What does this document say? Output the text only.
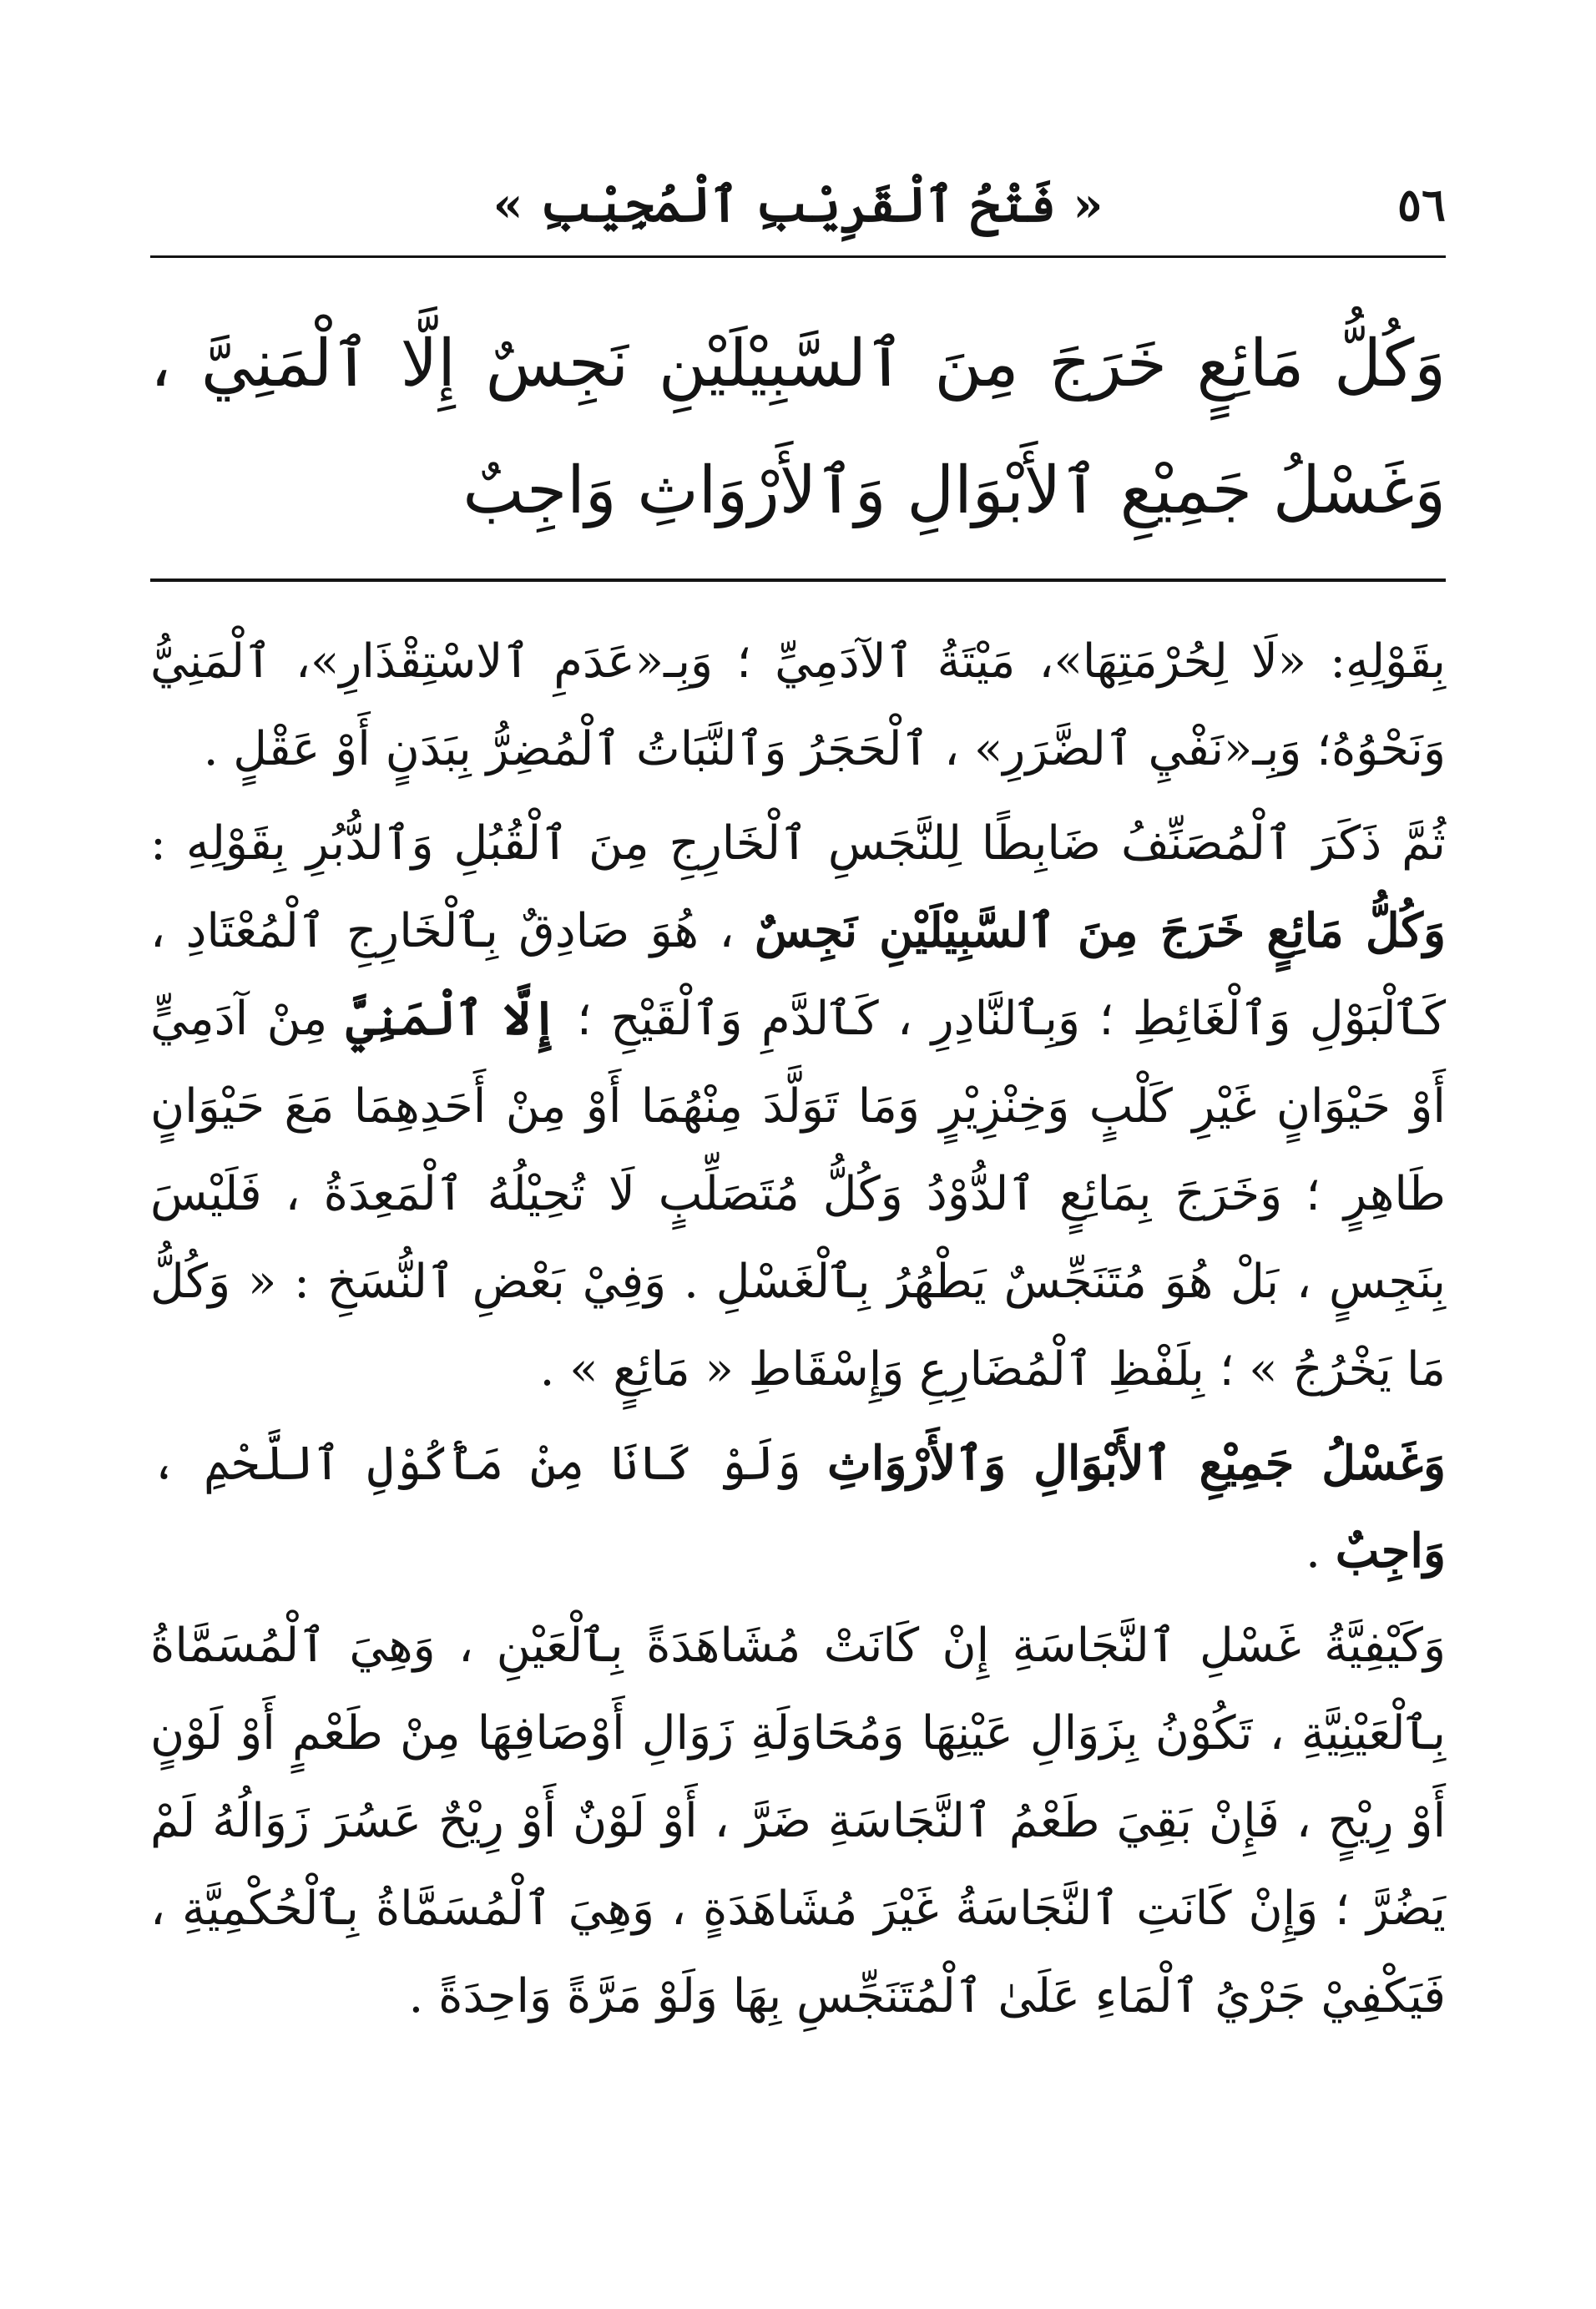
« فَتْحُ ٱلْقَرِيْبِ ٱلْمُجِيْبِ »	٥٦
وَكُلُّ مَائِعٍ خَرَجَ مِنَ ٱلسَّبِيْلَيْنِ نَجِسٌ إِلَّا ٱلْمَنِيَّ ، وَغَسْلُ جَمِيْعِ ٱلأَبْوَالِ وَٱلأَرْوَاثِ وَاجِبٌ

بِقَوْلِهِ: «لَا لِحُرْمَتِهَا»، مَيْتَةُ ٱلآدَمِيِّ ؛ وَبِـ«عَدَمِ ٱلاسْتِقْذَارِ»، ٱلْمَنِيُّ وَنَحْوُهُ؛ وَبِـ«نَفْيِ ٱلضَّرَرِ» ، ٱلْحَجَرُ وَٱلنَّبَاتُ ٱلْمُضِرُّ بِبَدَنٍ أَوْ عَقْلٍ .

ثُمَّ ذَكَرَ ٱلْمُصَنِّفُ ضَابِطًا لِلنَّجَسِ ٱلْخَارِجِ مِنَ ٱلْقُبُلِ وَٱلدُّبُرِ بِقَوْلِهِ : وَكُلُّ مَائِعٍ خَرَجَ مِنَ ٱلسَّبِيْلَيْنِ نَجِسٌ ، هُوَ صَادِقٌ بِٱلْخَارِجِ ٱلْمُعْتَادِ ، كَٱلْبَوْلِ وَٱلْغَائِطِ ؛ وَبِٱلنَّادِرِ ، كَٱلدَّمِ وَٱلْقَيْحِ ؛ إِلَّا ٱلْمَنِيَّ مِنْ آدَمِيٍّ أَوْ حَيْوَانٍ غَيْرِ كَلْبٍ وَخِنْزِيْرٍ وَمَا تَوَلَّدَ مِنْهُمَا أَوْ مِنْ أَحَدِهِمَا مَعَ حَيْوَانٍ طَاهِرٍ ؛ وَخَرَجَ بِمَائِعٍ ٱلدُّوْدُ وَكُلُّ مُتَصَلِّبٍ لَا تُحِيْلُهُ ٱلْمَعِدَةُ ، فَلَيْسَ بِنَجِسٍ ، بَلْ هُوَ مُتَنَجِّسٌ يَطْهُرُ بِٱلْغَسْلِ . وَفِيْ بَعْضِ ٱلنُّسَخِ : « وَكُلُّ مَا يَخْرُجُ » ؛ بِلَفْظِ ٱلْمُضَارِعِ وَإِسْقَاطِ « مَائِعٍ » .

وَغَسْلُ جَمِيْعِ ٱلأَبْوَالِ وَٱلأَرْوَاثِ وَلَوْ كَانَا مِنْ مَأْكُوْلِ ٱللَّحْمِ ، وَاجِبٌ .

وَكَيْفِيَّةُ غَسْلِ ٱلنَّجَاسَةِ إِنْ كَانَتْ مُشَاهَدَةً بِٱلْعَيْنِ ، وَهِيَ ٱلْمُسَمَّاةُ بِٱلْعَيْنِيَّةِ ، تَكُوْنُ بِزَوَالِ عَيْنِهَا وَمُحَاوَلَةِ زَوَالِ أَوْصَافِهَا مِنْ طَعْمٍ أَوْ لَوْنٍ أَوْ رِيْحٍ ، فَإِنْ بَقِيَ طَعْمُ ٱلنَّجَاسَةِ ضَرَّ ، أَوْ لَوْنٌ أَوْ رِيْحٌ عَسُرَ زَوَالُهُ لَمْ يَضُرَّ ؛ وَإِنْ كَانَتِ ٱلنَّجَاسَةُ غَيْرَ مُشَاهَدَةٍ ، وَهِيَ ٱلْمُسَمَّاةُ بِٱلْحُكْمِيَّةِ ، فَيَكْفِيْ جَرْيُ ٱلْمَاءِ عَلَىٰ ٱلْمُتَنَجِّسِ بِهَا وَلَوْ مَرَّةً وَاحِدَةً .
